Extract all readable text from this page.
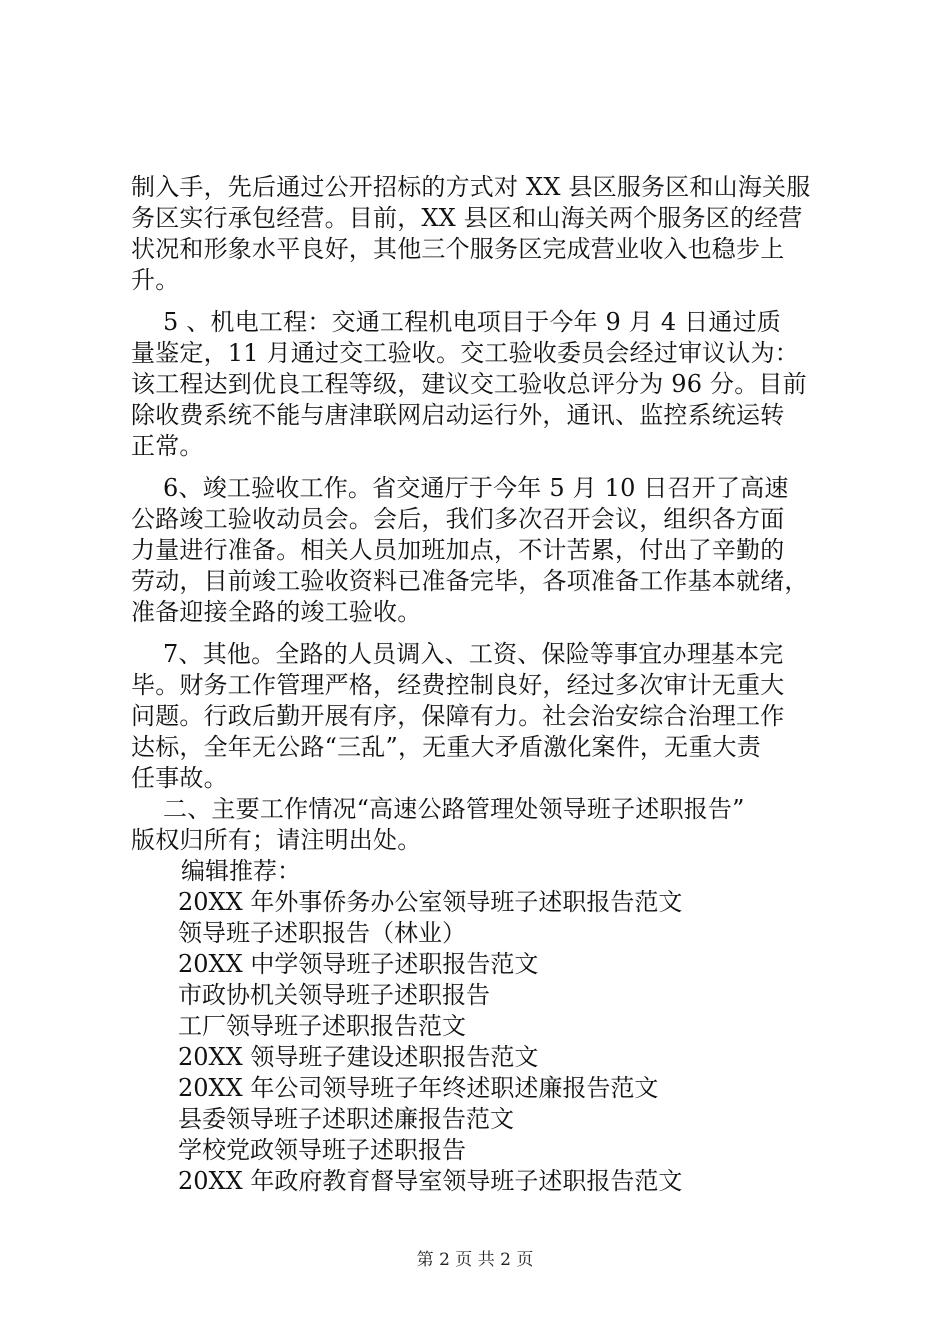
制入手，先后通过公开招标的方式对 XX 县区服务区和山海关服
务区实行承包经营。目前，XX 县区和山海关两个服务区的经营
状况和形象水平良好，其他三个服务区完成营业收入也稳步上
升。

　 5 、机电工程：交通工程机电项目于今年 9 月 4 日通过质
量鉴定，11 月通过交工验收。交工验收委员会经过审议认为：
该工程达到优良工程等级，建议交工验收总评分为 96 分。目前
除收费系统不能与唐津联网启动运行外，通讯、监控系统运转
正常。

　 6、竣工验收工作。省交通厅于今年 5 月 10 日召开了高速
公路竣工验收动员会。会后，我们多次召开会议，组织各方面
力量进行准备。相关人员加班加点，不计苦累，付出了辛勤的
劳动，目前竣工验收资料已准备完毕，各项准备工作基本就绪，
准备迎接全路的竣工验收。

　 7、其他。全路的人员调入、工资、保险等事宜办理基本完
毕。财务工作管理严格，经费控制良好，经过多次审计无重大
问题。行政后勤开展有序，保障有力。社会治安综合治理工作
达标，全年无公路“三乱”，无重大矛盾激化案件，无重大责
任事故。

　 二、主要工作情况“高速公路管理处领导班子述职报告”
版权归所有；请注明出处。

编辑推荐：

20XX 年外事侨务办公室领导班子述职报告范文
领导班子述职报告（林业）
20XX 中学领导班子述职报告范文
市政协机关领导班子述职报告
工厂领导班子述职报告范文
20XX 领导班子建设述职报告范文
20XX 年公司领导班子年终述职述廉报告范文
县委领导班子述职述廉报告范文
学校党政领导班子述职报告
20XX 年政府教育督导室领导班子述职报告范文
第 2 页 共 2 页
